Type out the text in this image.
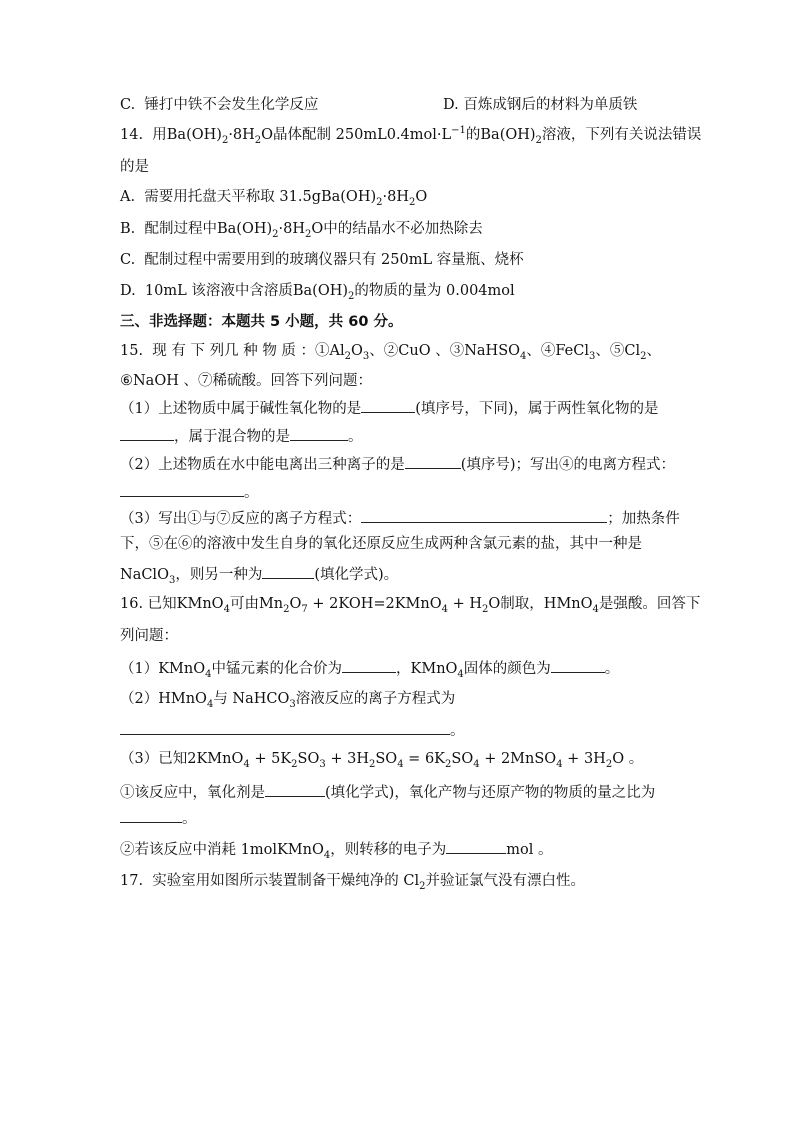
C.  锤打中铁不会发生化学反应	D. 百炼成钢后的材料为单质铁
14.  用$Ba(OH)_2\cdot 8H_2O$晶体配制 $250mL0.4mol\cdot L^{-1}$的$Ba(OH)_2$溶液，下列有关说法错误
的是
A.  需要用托盘天平称取 $31.5gBa(OH)_2\cdot 8H_2O$
B.  配制过程中$Ba(OH)_2\cdot 8H_2O$中的结晶水不必加热除去
C.  配制过程中需要用到的玻璃仪器只有 250mL 容量瓶、烧杯
D.  10mL 该溶液中含溶质$Ba(OH)_2$的物质的量为 0.004mol
三、非选择题：本题共 5 小题，共 60 分。
15.  现 有 下 列几 种 物 质 ：$①Al_2O_3$、②CuO 、③NaHSO$_4$、④FeCl$_3$、$⑤Cl_2$、
⑥NaOH 、⑦稀硫酸。回答下列问题：
（1）上述物质中属于碱性氧化物的是	(填序号，下同)，属于两性氧化物的是
，属于混合物的是	。
（2）上述物质在水中能电离出三种离子的是	(填序号)；写出④的电离方程式：
。
（3）写出①与⑦反应的离子方程式：	；加热条件
下，⑤在⑥的溶液中发生自身的氧化还原反应生成两种含氯元素的盐，其中一种是
NaClO$_3$，则另一种为	(填化学式)。
16. 已知KMnO$_4$可由$Mn_2O_7$ + 2KOH=2KMnO$_4$ + $H_2O$制取，HMnO$_4$是强酸。回答下
列问题：
（1）KMnO$_4$中锰元素的化合价为	，KMnO$_4$固体的颜色为	。
（2）HMnO$_4$与 NaHCO$_3$溶液反应的离子方程式为
。
（3）已知2KMnO$_4$ + $5K_2SO_3 + 3H_2SO_4 = 6K_2SO_4$ + 2MnSO$_4$ + $3H_2O$ 。
①该反应中，氧化剂是	(填化学式)，氧化产物与还原产物的物质的量之比为
。
②若该反应中消耗 1molKMnO$_4$，则转移的电子为	mol 。
17.  实验室用如图所示装置制备干燥纯净的 $Cl_2$并验证氯气没有漂白性。
